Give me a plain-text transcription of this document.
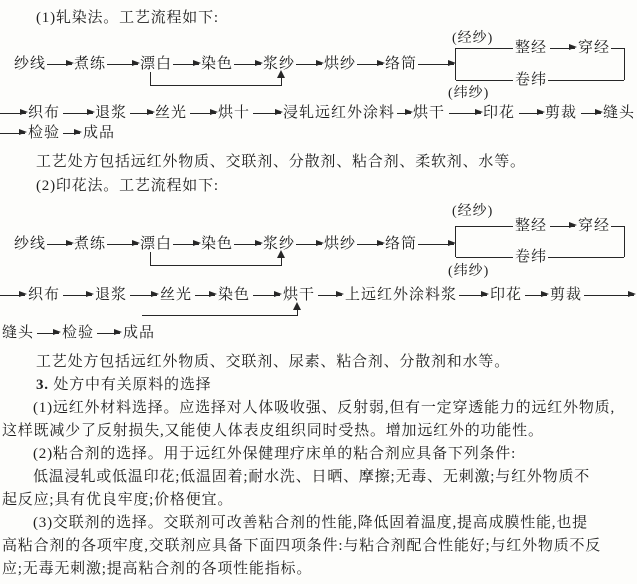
(1)轧染法。工艺流程如下:
纱线 煮练 漂白 染色 浆纱 烘纱 络筒
(经纱)
整经 穿经
卷纬
(纬纱)
织布 退浆 丝光 烘十 浸轧远红外涂料 烘干	印花 剪裁 缝头
检验 成品
工艺处方包括远红外物质、交联剂、分散剂、粘合剂、柔软剂、水等。
(2)印花法。工艺流程如下:
纱线 煮练 漂白 染色 浆纱 烘纱 络筒
(经纱)
整经 穿经
卷纬
(纬纱)
织布 退浆 丝光 染色 烘干 上远红外涂料浆 印花 剪裁
缝头 检验 成品
工艺处方包括远红外物质、交联剂、尿素、粘合剂、分散剂和水等。
3. 处方中有关原料的选择
(1)远红外材料选择。应选择对人体吸收强、反射弱,但有一定穿透能力的远红外物质,
这样既减少了反射损失,又能使人体表皮组织同时受热。增加远红外的功能性。
(2)粘合剂的选择。用于远红外保健理疗床单的粘合剂应具备下列条件:
低温浸轧或低温印花;低温固着;耐水洗、日晒、摩擦;无毒、无刺激;与红外物质不
起反应;具有优良牢度;价格便宜。
(3)交联剂的选择。交联剂可改善粘合剂的性能,降低固着温度,提高成膜性能,也提
高粘合剂的各项牢度,交联剂应具备下面四项条件:与粘合剂配合性能好;与红外物质不反
应;无毒无刺激;提高粘合剂的各项性能指标。
